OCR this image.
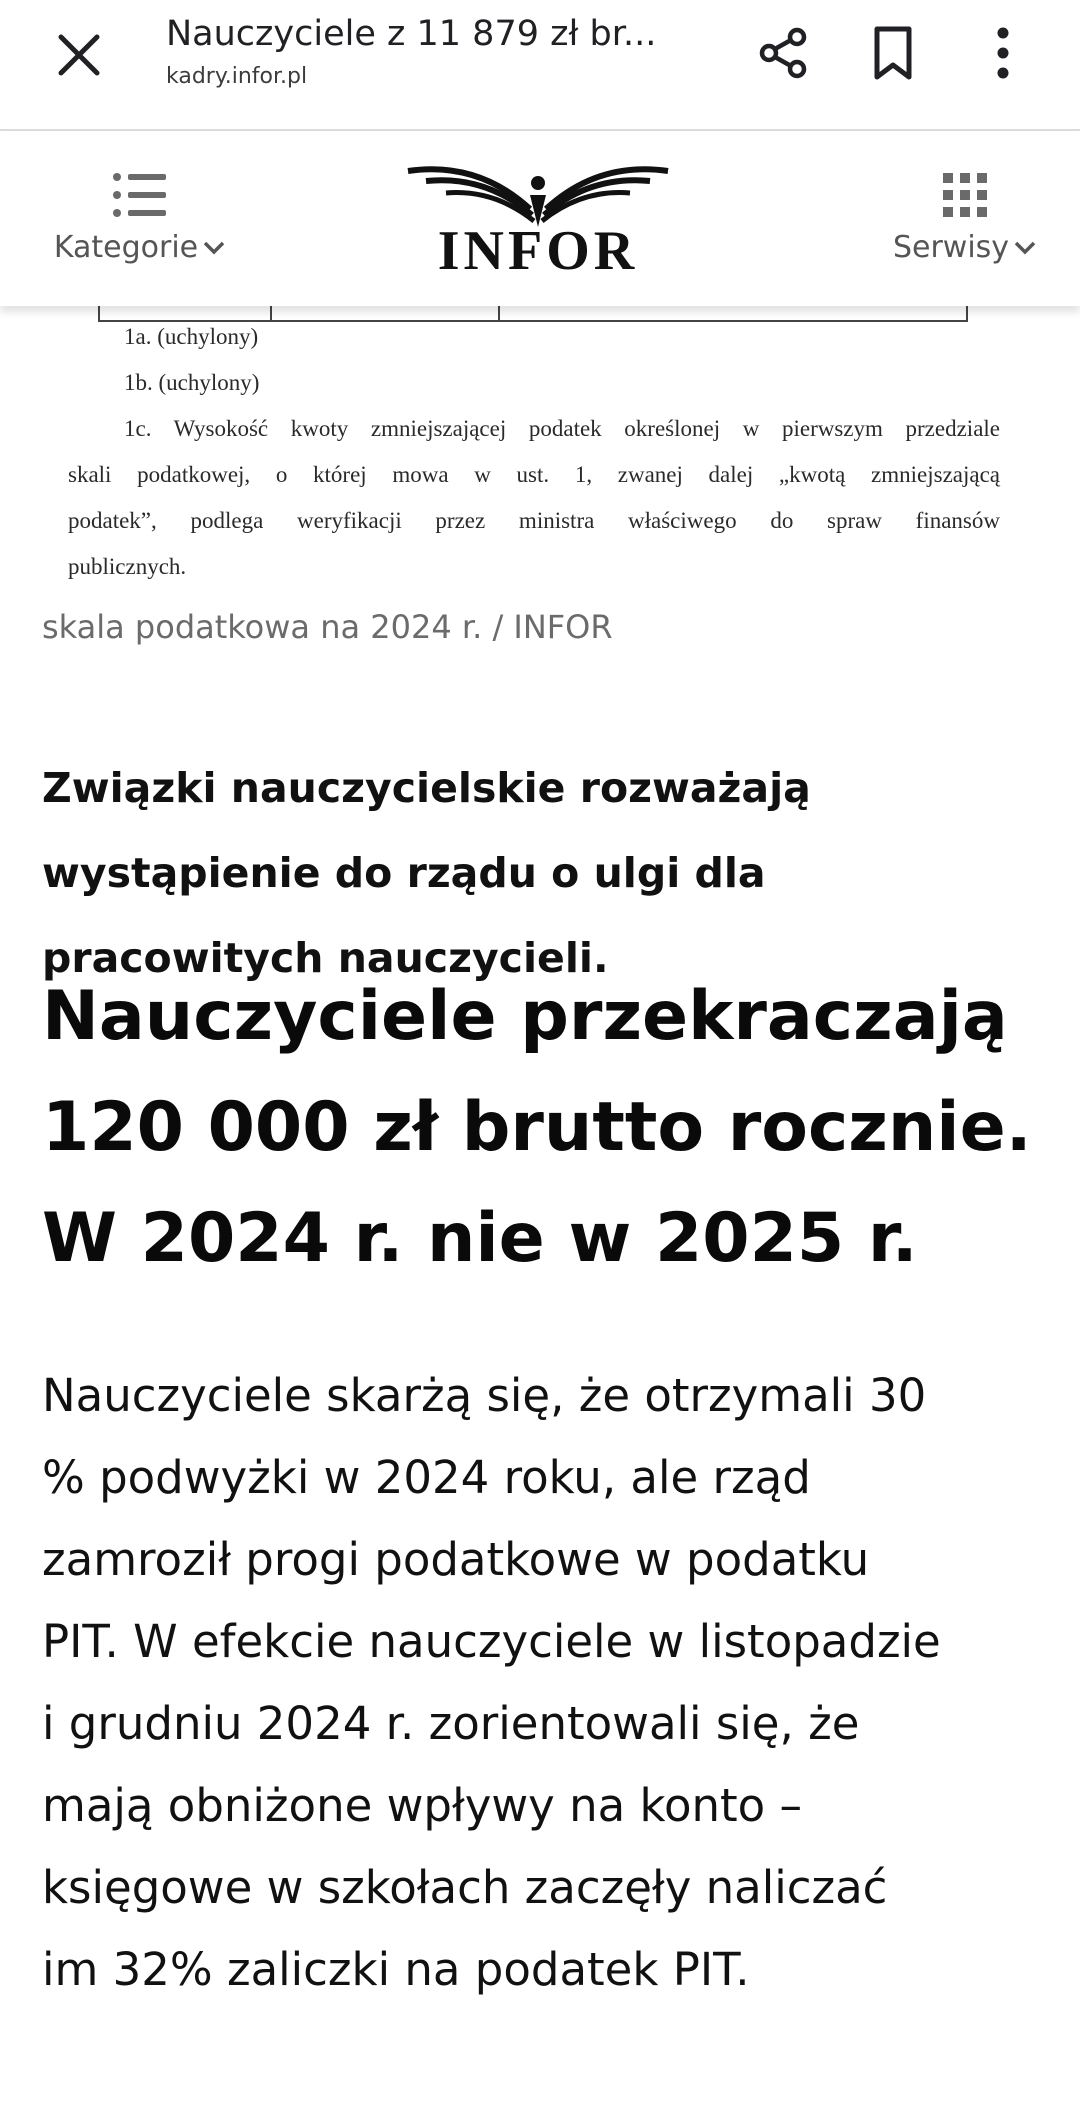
Nauczyciele z 11 879 zł br...
kadry.infor.pl

Kategorie	INFOR
	Serwisy
1a. (uchylony)
1b. (uchylony)
1c. Wysokość kwoty zmniejszającej podatek określonej w pierwszym przedziale
skali podatkowej, o której mowa w ust. 1, zwanej dalej „kwotą zmniejszającą
podatek”, podlega weryfikacji przez ministra właściwego do spraw finansów
publicznych.
skala podatkowa na 2024 r. / INFOR
Związki nauczycielskie rozważają
wystąpienie do rządu o ulgi dla
pracowitych nauczycieli.
Nauczyciele przekraczają
120 000 zł brutto rocznie.
W 2024 r. nie w 2025 r.
Nauczyciele skarżą się, że otrzymali 30
% podwyżki w 2024 roku, ale rząd
zamroził progi podatkowe w podatku
PIT. W efekcie nauczyciele w listopadzie
i grudniu 2024 r. zorientowali się, że
mają obniżone wpływy na konto –
księgowe w szkołach zaczęły naliczać
im 32% zaliczki na podatek PIT.
